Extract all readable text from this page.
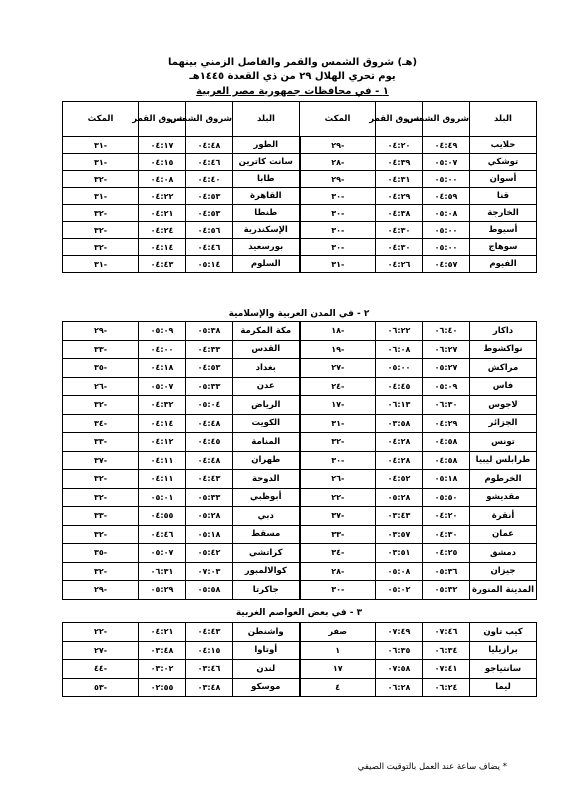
(هـ) شروق الشمس والقمر والفاصل الزمني بينهما
يوم تحري الهلال ٢٩ من ذي القعدة ١٤٤٥هـ
١ - في محافظات جمهورية مصر العربية
البلد	شروق الشمس	شروق القمر	المكث	البلد	شروق الشمس	شروق القمر	المكث
حلايب	٠٤:٤٩	٠٤:٢٠	٢٩-	الطور	٠٤:٤٨	٠٤:١٧	٣١-
توشكي	٠٥:٠٧	٠٤:٣٩	٢٨-	سانت كاترين	٠٤:٤٦	٠٤:١٥	٣١-
أسوان	٠٥:٠٠	٠٤:٣١	٢٩-	طابا	٠٤:٤٠	٠٤:٠٨	٣٢-
قنا	٠٤:٥٩	٠٤:٢٩	٣٠-	القاهرة	٠٤:٥٣	٠٤:٢٢	٣١-
الخارجة	٠٥:٠٨	٠٤:٣٨	٣٠-	طنطا	٠٤:٥٣	٠٤:٢١	٣٢-
أسيوط	٠٥:٠٠	٠٤:٣٠	٣٠-	الإسكندرية	٠٤:٥٦	٠٤:٢٤	٣٢-
سوهاج	٠٥:٠٠	٠٤:٣٠	٣٠-	بورسعيد	٠٤:٤٦	٠٤:١٤	٣٢-
الفيوم	٠٤:٥٧	٠٤:٢٦	٣١-	السلوم	٠٥:١٤	٠٤:٤٣	٣١-
٢ - في المدن العربية والإسلامية
داكار	٠٦:٤٠	٠٦:٢٢	١٨-	مكة المكرمة	٠٥:٣٨	٠٥:٠٩	٢٩-
نواكشوط	٠٦:٢٧	٠٦:٠٨	١٩-	القدس	٠٤:٣٣	٠٤:٠٠	٣٣-
مراكش	٠٥:٢٧	٠٥:٠٠	٢٧-	بغداد	٠٤:٥٣	٠٤:١٨	٣٥-
فاس	٠٥:٠٩	٠٤:٤٥	٢٤-	عدن	٠٥:٣٣	٠٥:٠٧	٢٦-
لاجوس	٠٦:٣٠	٠٦:١٣	١٧-	الرياض	٠٥:٠٤	٠٤:٣٢	٣٢-
الجزائر	٠٤:٢٩	٠٣:٥٨	٣١-	الكويت	٠٤:٤٨	٠٤:١٤	٣٤-
تونس	٠٤:٥٨	٠٤:٢٨	٣٢-	المنامة	٠٤:٤٥	٠٤:١٢	٣٣-
طرابلس ليبيا	٠٤:٥٨	٠٤:٢٨	٣٠-	طهران	٠٤:٤٨	٠٤:١١	٣٧-
الخرطوم	٠٥:١٨	٠٤:٥٢	٢٦-	الدوحة	٠٤:٤٣	٠٤:١١	٣٢-
مقديشو	٠٥:٥٠	٠٥:٢٨	٢٢-	أبوظبي	٠٥:٣٣	٠٥:٠١	٣٢-
أنقرة	٠٤:٢٠	٠٣:٤٣	٣٧-	دبي	٠٥:٢٨	٠٤:٥٥	٣٣-
عمان	٠٤:٣٠	٠٣:٥٧	٣٣-	مسقط	٠٥:١٨	٠٤:٤٦	٣٢-
دمشق	٠٤:٢٥	٠٣:٥١	٣٤-	كراتشي	٠٥:٤٢	٠٥:٠٧	٣٥-
جيزان	٠٥:٣٦	٠٥:٠٨	٢٨-	كوالالمبور	٠٧:٠٣	٠٦:٣١	٣٢-
المدينة المنورة	٠٥:٣٢	٠٥:٠٢	٣٠-	جاكرتا	٠٥:٥٨	٠٥:٢٩	٢٩-
٣ - في بعض العواصم الغربية
كيب تاون	٠٧:٤٦	٠٧:٤٩	صفر	واشنطن	٠٤:٤٣	٠٤:٢١	٢٢-
برازيليا	٠٦:٣٤	٠٦:٣٥	١	أوتاوا	٠٤:١٥	٠٣:٤٨	٢٧-
سانتياجو	٠٧:٤١	٠٧:٥٨	١٧	لندن	٠٣:٤٦	٠٣:٠٢	٤٤-
ليما	٠٦:٢٤	٠٦:٢٨	٤	موسكو	٠٣:٤٨	٠٢:٥٥	٥٣-
* يضاف ساعة عند العمل بالتوقيت الصيفي
